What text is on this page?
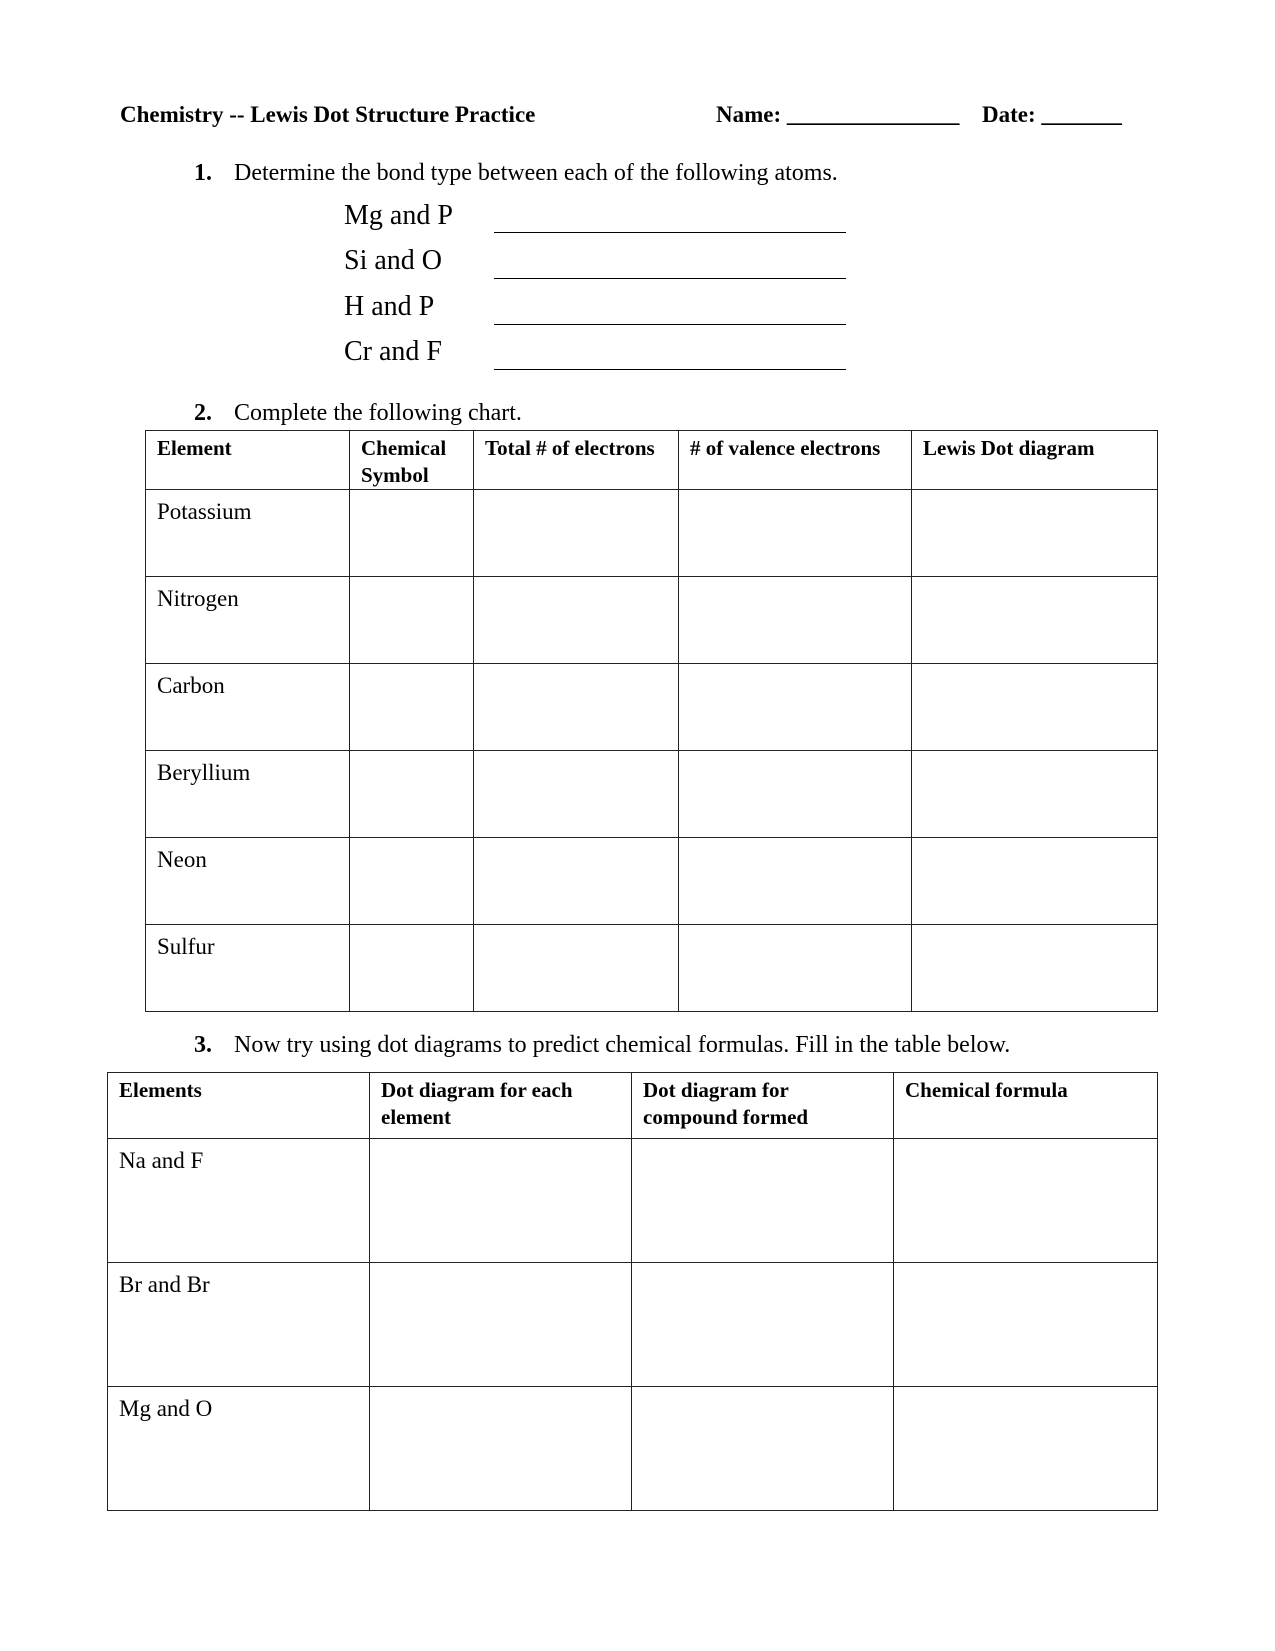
Chemistry -- Lewis Dot Structure Practice	Name: _______________ Date: _______
1. Determine the bond type between each of the following atoms.
Mg and P
Si and O
H and P
Cr and F
2. Complete the following chart.
Element	Chemical Symbol	Total # of electrons	# of valence electrons	Lewis Dot diagram
Potassium				
Nitrogen				
Carbon				
Beryllium				
Neon				
Sulfur				
3. Now try using dot diagrams to predict chemical formulas. Fill in the table below.
Elements	Dot diagram for each element	Dot diagram for compound formed	Chemical formula
Na and F			
Br and Br			
Mg and O			
